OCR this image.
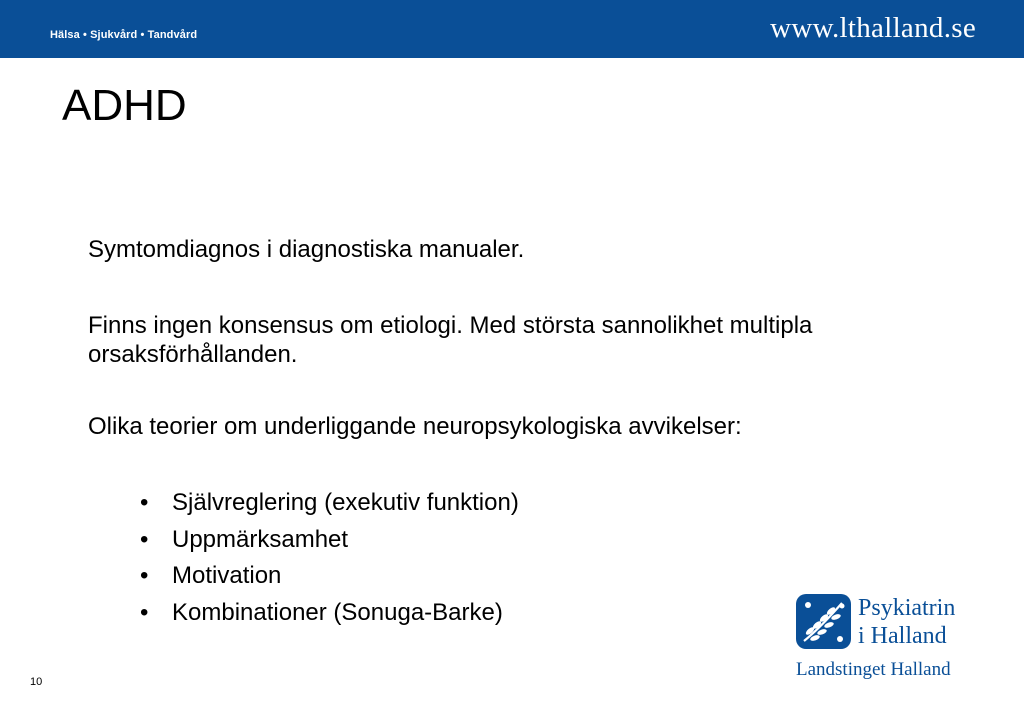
Hälsa • Sjukvård • Tandvård	www.lthalland.se
ADHD

Symtomdiagnos i diagnostiska manualer.

Finns ingen konsensus om etiologi. Med största sannolikhet multipla orsaksförhållanden.

Olika teorier om underliggande neuropsykologiska avvikelser:

• Självreglering (exekutiv funktion)
• Uppmärksamhet
• Motivation
• Kombinationer (Sonuga-Barke)
10
Psykiatrin
i Halland
Landstinget Halland
